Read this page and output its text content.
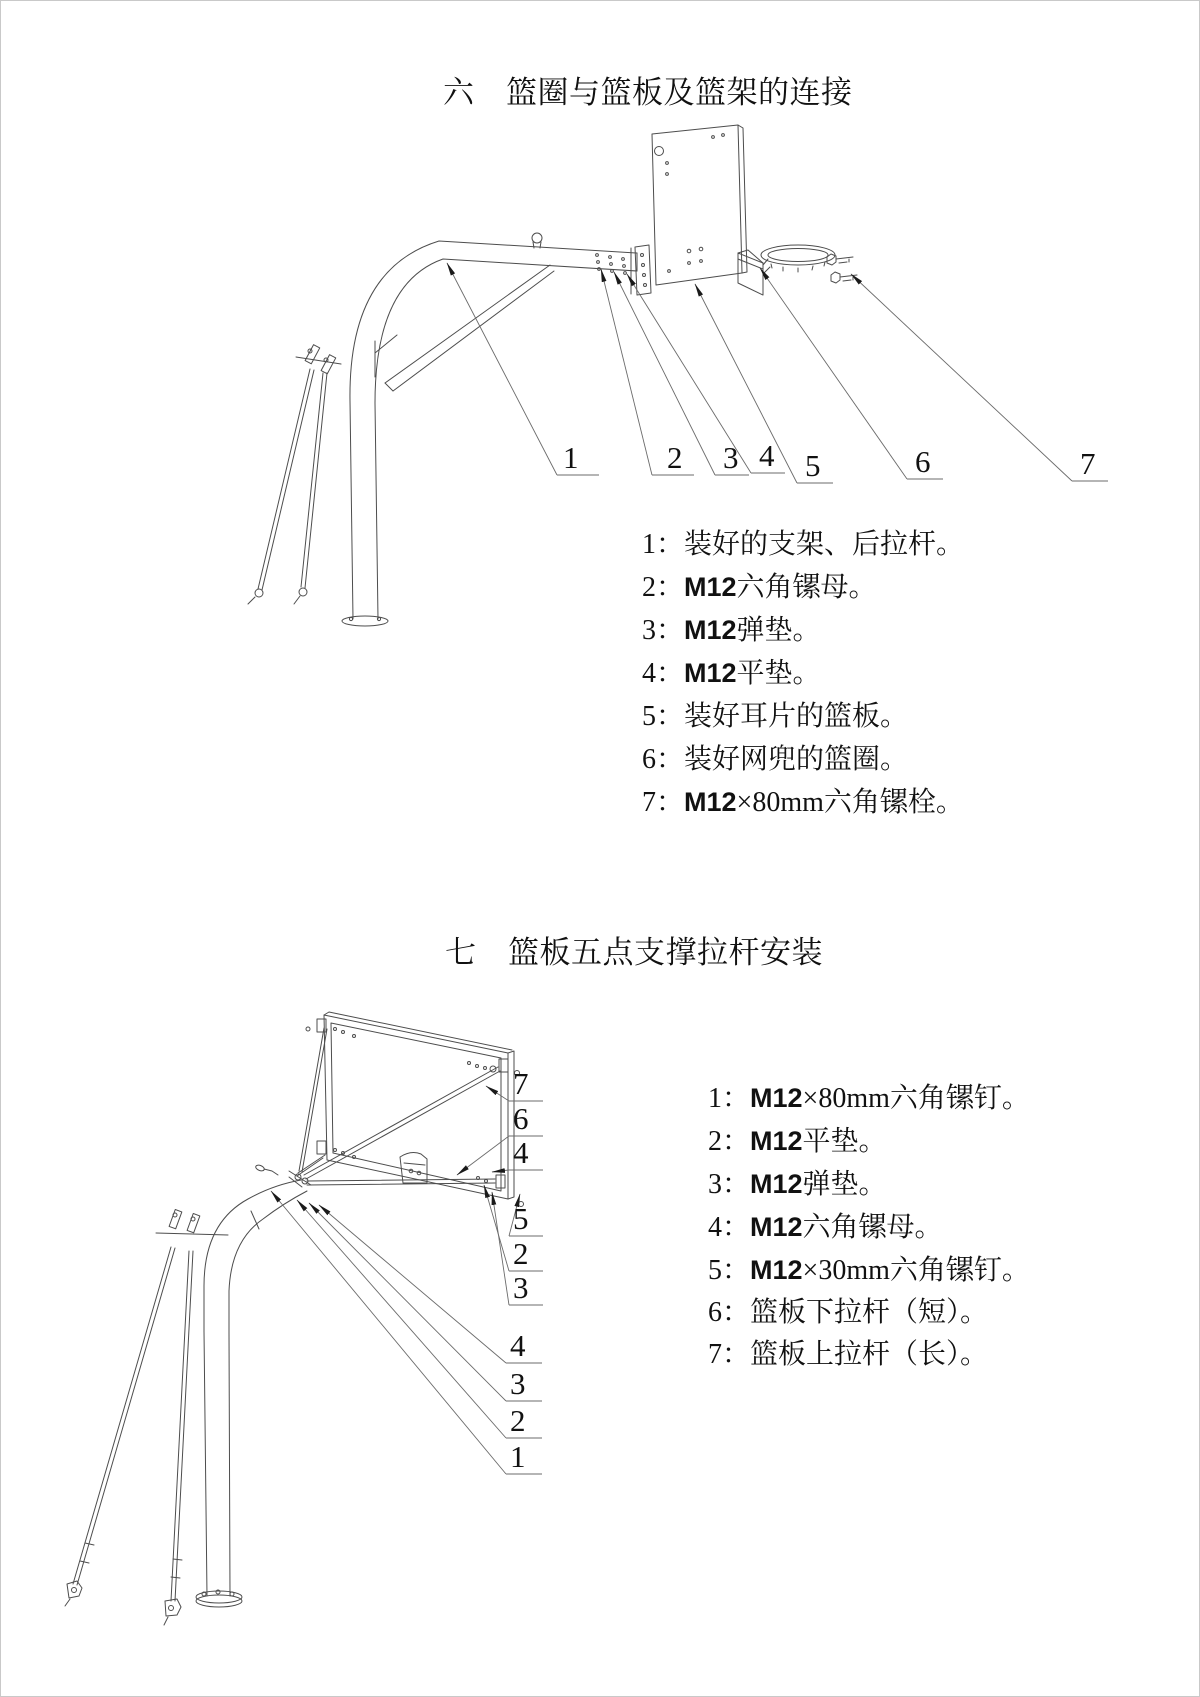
六　篮圈与篮板及篮架的连接
1	2 3 4 5	6	7
1：装好的支架、后拉杆。
2：M12六角镙母。
3：M12弹垫。
4：M12平垫。
5：装好耳片的篮板。
6：装好网兜的篮圈。
7：M12×80mm六角镙栓。
七　篮板五点支撑拉杆安装
7
6
4
5
2
3
4
3
2
1
1：M12×80mm六角镙钉。
2：M12平垫。
3：M12弹垫。
4：M12六角镙母。
5：M12×30mm六角镙钉。
6：篮板下拉杆（短）。
7：篮板上拉杆（长）。
